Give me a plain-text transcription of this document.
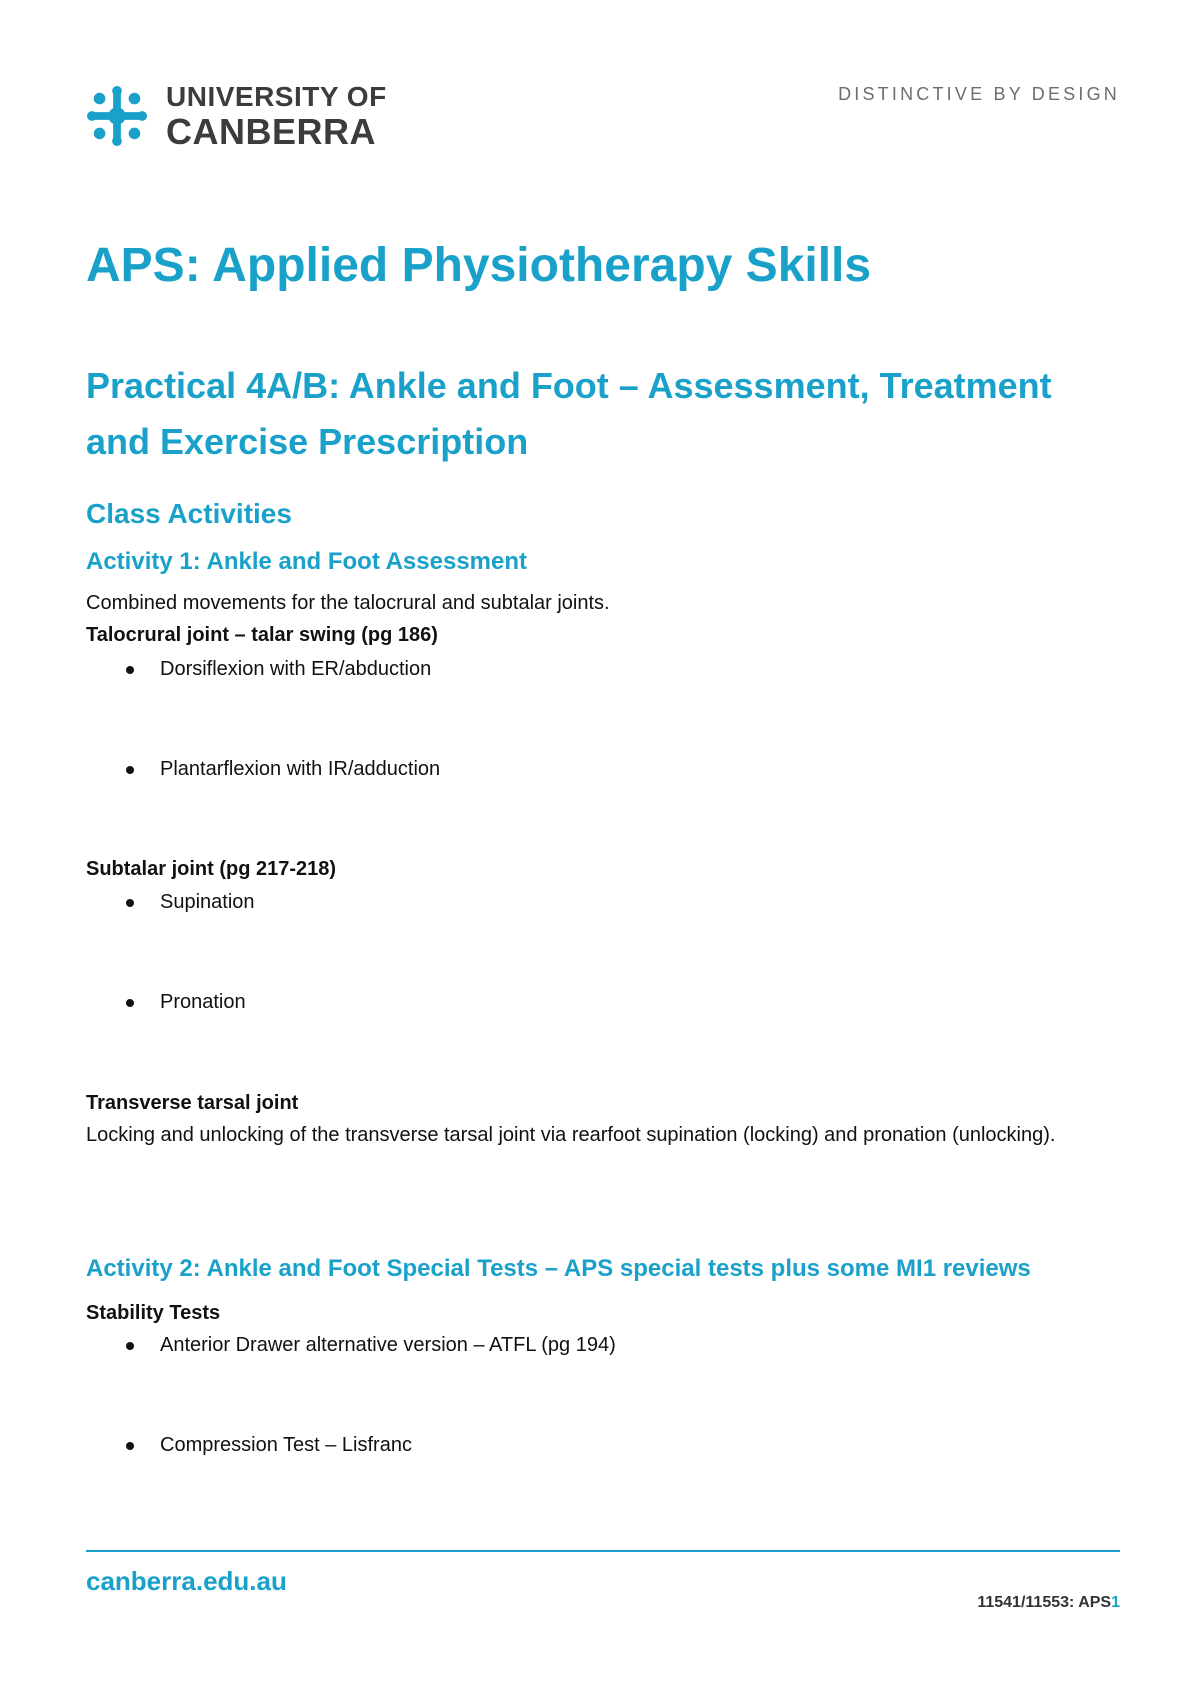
UNIVERSITY OF
CANBERRA
DISTINCTIVE BY DESIGN
APS: Applied Physiotherapy Skills
Practical 4A/B: Ankle and Foot – Assessment, Treatment and Exercise Prescription
Class Activities
Activity 1: Ankle and Foot Assessment

Combined movements for the talocrural and subtalar joints.

Talocrural joint – talar swing (pg 186)

Dorsiflexion with ER/abduction
Plantarflexion with IR/adduction

Subtalar joint (pg 217-218)

Supination
Pronation

Transverse tarsal joint

Locking and unlocking of the transverse tarsal joint via rearfoot supination (locking) and pronation (unlocking).

Activity 2: Ankle and Foot Special Tests – APS special tests plus some MI1 reviews

Stability Tests

Anterior Drawer alternative version – ATFL (pg 194)
Compression Test – Lisfranc
canberra.edu.au
11541/11553: APS1
